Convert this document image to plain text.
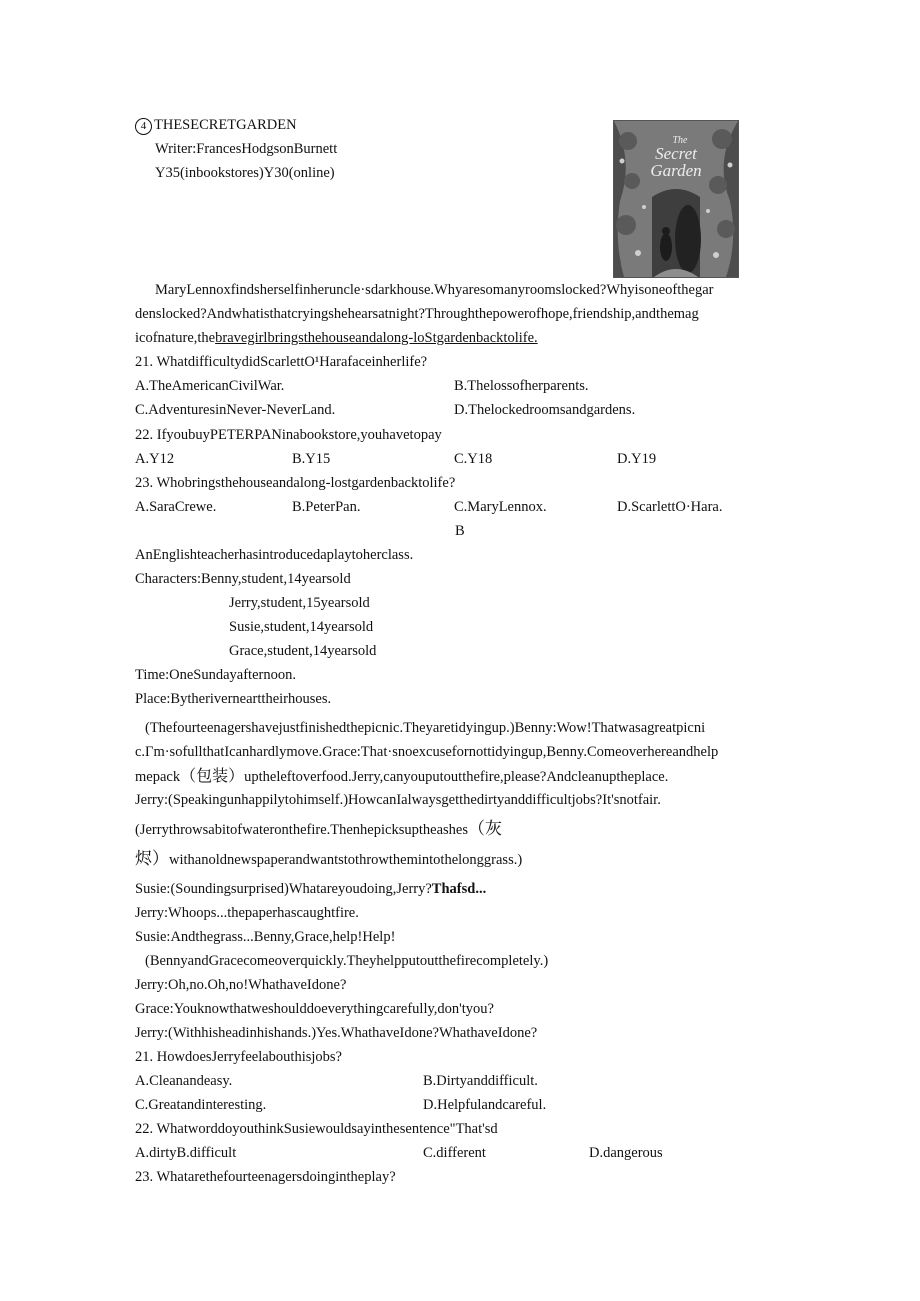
4 THESECRETGARDEN
Writer:FrancesHodgsonBurnett
Y35(inbookstores)Y30(online)
The
Secret
Garden
MaryLennoxfindsherselfinheruncle·sdarkhouse.Whyaresomanyroomslocked?Whyisoneofthegar
denslocked?Andwhatisthatcryingshehearsatnight?Throughthepowerofhope,friendship,andthemag
icofnature,thebravegirlbringsthehouseandalong-loStgardenbacktolife.
21. WhatdifficultydidScarlettO¹Harafaceinherlife?
A.TheAmericanCivilWar.	B.Thelossofherparents.
C.AdventuresinNever-NeverLand.	D.Thelockedroomsandgardens.
22. IfyoubuyPETERPANinabookstore,youhavetopay
A.Y12	B.Y15	C.Y18	D.Y19
23. Whobringsthehouseandalong-lostgardenbacktolife?
A.SaraCrewe.	B.PeterPan.	C.MaryLennox.	D.ScarlettO·Hara.
B
AnEnglishteacherhasintroducedaplaytoherclass.
Characters:Benny,student,14yearsold
Jerry,student,15yearsold
Susie,student,14yearsold
Grace,student,14yearsold
Time:OneSundayafternoon.
Place:Bytherivernearttheirhouses.
(Thefourteenagershavejustfinishedthepicnic.Theyaretidyingup.)Benny:Wow!Thatwasagreatpicni
c.Γm·sofullthatIcanhardlymove.Grace:That·snoexcusefornottidyingup,Benny.Comeoverhereandhelp
mepack（包装）uptheleftoverfood.Jerry,canyouputoutthefire,please?Andcleanuptheplace.
Jerry:(Speakingunhappilytohimself.)HowcanIalwaysgetthedirtyanddifficultjobs?It'snotfair.
(Jerrythrowsabitofwateronthefire.Thenhepicksuptheashes（灰
烬）withanoldnewspaperandwantstothrowthemintothelonggrass.)
Susie:(Soundingsurprised)Whatareyoudoing,Jerry?Thafsd...
Jerry:Whoops...thepaperhascaughtfire.
Susie:Andthegrass...Benny,Grace,help!Help!
(BennyandGracecomeoverquickly.Theyhelpputoutthefirecompletely.)
Jerry:Oh,no.Oh,no!WhathaveIdone?
Grace:Youknowthatweshoulddoeverythingcarefully,don'tyou?
Jerry:(Withhisheadinhishands.)Yes.WhathaveIdone?WhathaveIdone?
21. HowdoesJerryfeelabouthisjobs?
A.Cleanandeasy.	B.Dirtyanddifficult.
C.Greatandinteresting.	D.Helpfulandcareful.
22. WhatworddoyouthinkSusiewouldsayinthesentence"That'sd
A.dirtyB.difficult	C.different	D.dangerous
23. Whatarethefourteenagersdoingintheplay?
